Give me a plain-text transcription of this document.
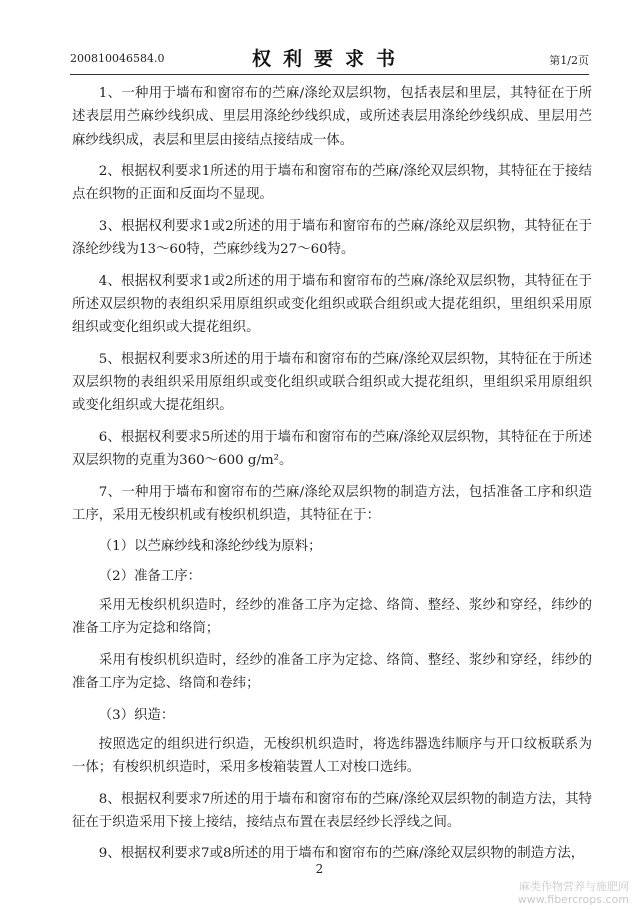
200810046584.0	权利要求书	第1/2页

1、一种用于墙布和窗帘布的苎麻/涤纶双层织物，包括表层和里层，其特征在于所述表层用苎麻纱线织成、里层用涤纶纱线织成，或所述表层用涤纶纱线织成、里层用苎麻纱线织成，表层和里层由接结点接结成一体。

2、根据权利要求1所述的用于墙布和窗帘布的苎麻/涤纶双层织物，其特征在于接结点在织物的正面和反面均不显现。

3、根据权利要求1或2所述的用于墙布和窗帘布的苎麻/涤纶双层织物，其特征在于涤纶纱线为13～60特，苎麻纱线为27～60特。

4、根据权利要求1或2所述的用于墙布和窗帘布的苎麻/涤纶双层织物，其特征在于所述双层织物的表组织采用原组织或变化组织或联合组织或大提花组织，里组织采用原组织或变化组织或大提花组织。

5、根据权利要求3所述的用于墙布和窗帘布的苎麻/涤纶双层织物，其特征在于所述双层织物的表组织采用原组织或变化组织或联合组织或大提花组织，里组织采用原组织或变化组织或大提花组织。

6、根据权利要求5所述的用于墙布和窗帘布的苎麻/涤纶双层织物，其特征在于所述双层织物的克重为360～600 g/m²。

7、一种用于墙布和窗帘布的苎麻/涤纶双层织物的制造方法，包括准备工序和织造工序，采用无梭织机或有梭织机织造，其特征在于：

（1）以苎麻纱线和涤纶纱线为原料；

（2）准备工序：

采用无梭织机织造时，经纱的准备工序为定捻、络筒、整经、浆纱和穿经，纬纱的准备工序为定捻和络筒；

采用有梭织机织造时，经纱的准备工序为定捻、络筒、整经、浆纱和穿经，纬纱的准备工序为定捻、络筒和卷纬；

（3）织造：

按照选定的组织进行织造，无梭织机织造时，将选纬器选纬顺序与开口纹板联系为一体；有梭织机织造时，采用多梭箱装置人工对梭口选纬。

8、根据权利要求7所述的用于墙布和窗帘布的苎麻/涤纶双层织物的制造方法，其特征在于织造采用下接上接结，接结点布置在表层经纱长浮线之间。

9、根据权利要求7或8所述的用于墙布和窗帘布的苎麻/涤纶双层织物的制造方法，

2
麻类作物营养与施肥网
www.fibercrops.com
